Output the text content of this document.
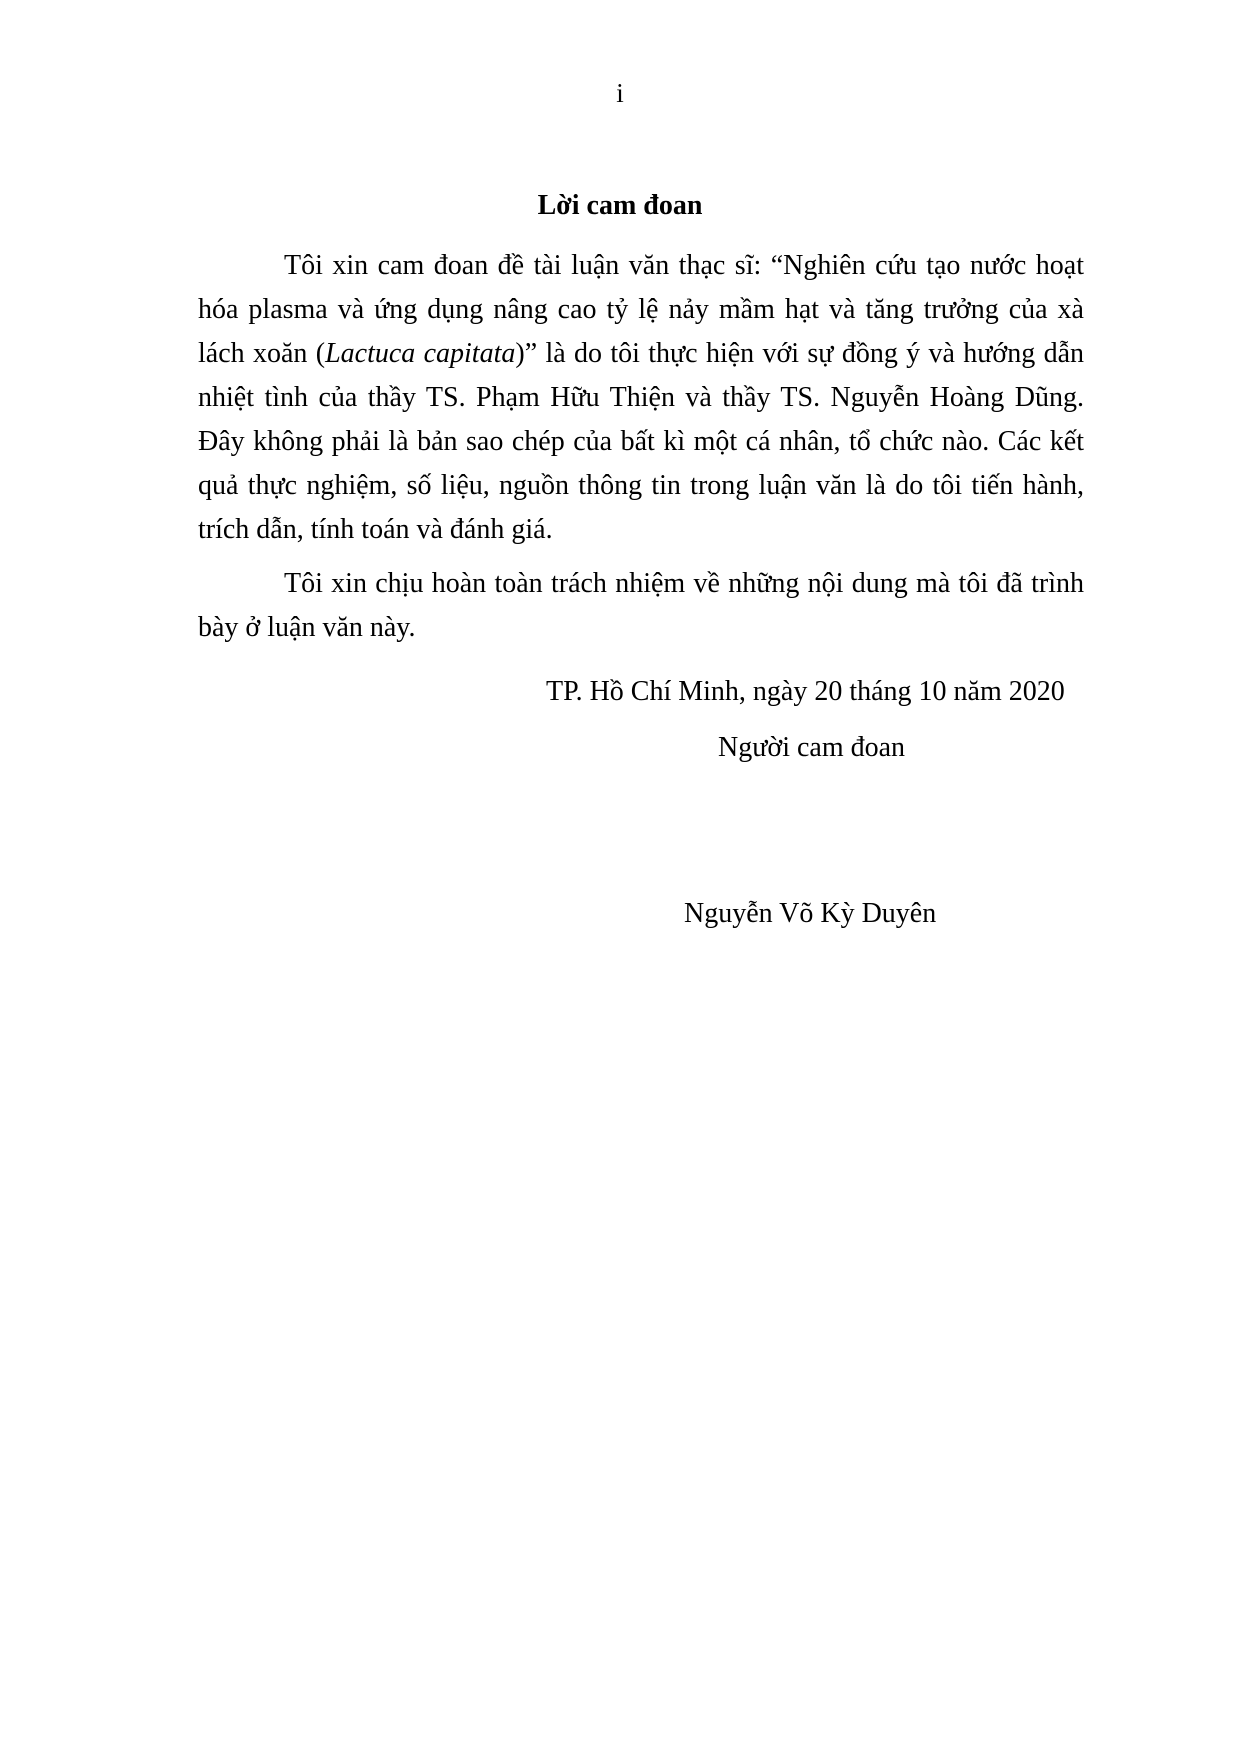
i
Lời cam đoan

Tôi xin cam đoan đề tài luận văn thạc sĩ: “Nghiên cứu tạo nước hoạt hóa plasma và ứng dụng nâng cao tỷ lệ nảy mầm hạt và tăng trưởng của xà lách xoăn (Lactuca capitata)” là do tôi thực hiện với sự đồng ý và hướng dẫn nhiệt tình của thầy TS. Phạm Hữu Thiện và thầy TS. Nguyễn Hoàng Dũng. Đây không phải là bản sao chép của bất kì một cá nhân, tổ chức nào. Các kết quả thực nghiệm, số liệu, nguồn thông tin trong luận văn là do tôi tiến hành, trích dẫn, tính toán và đánh giá.

Tôi xin chịu hoàn toàn trách nhiệm về những nội dung mà tôi đã trình bày ở luận văn này.

TP. Hồ Chí Minh, ngày 20 tháng 10 năm 2020
Người cam đoan
Nguyễn Võ Kỳ Duyên
